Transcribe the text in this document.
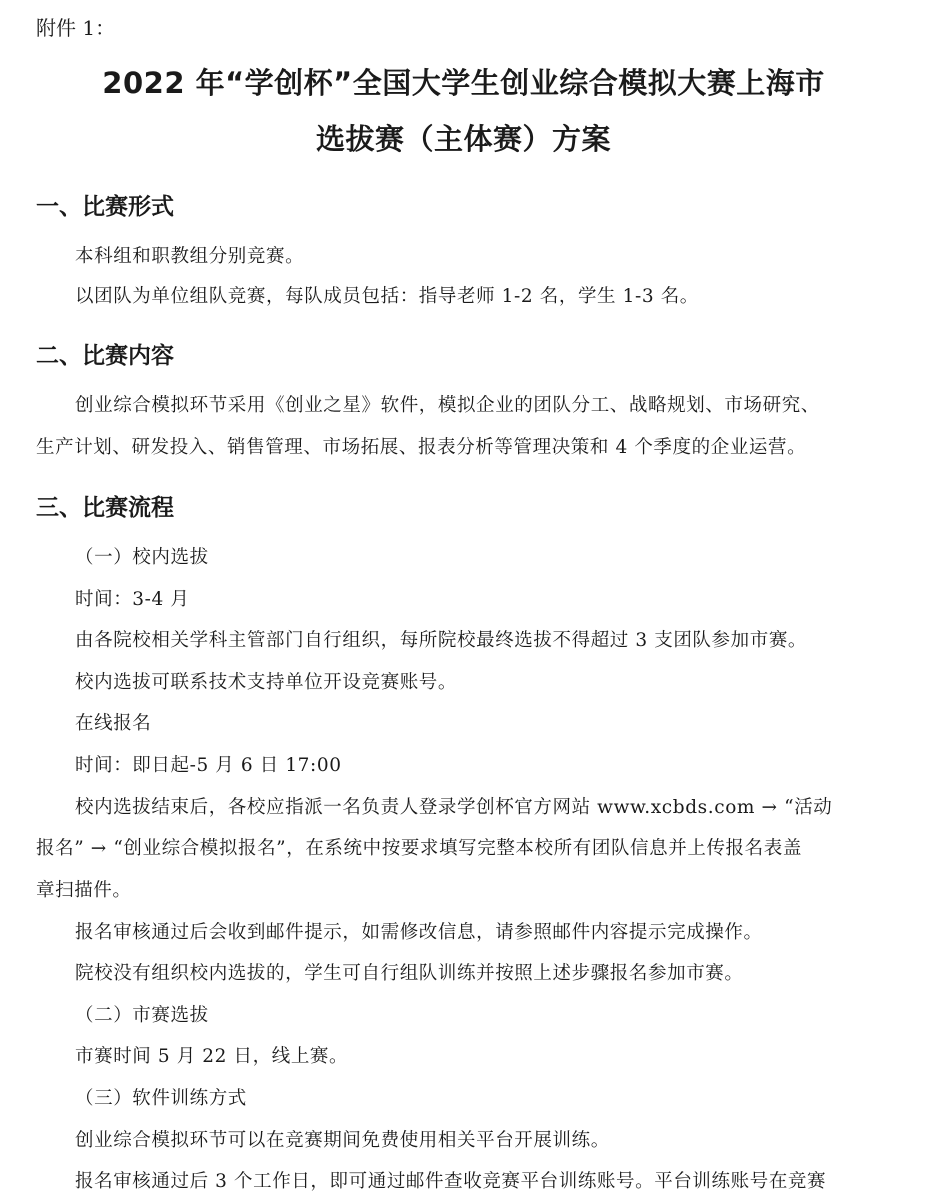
附件 1：
2022 年“学创杯”全国大学生创业综合模拟大赛上海市
选拔赛（主体赛）方案
一、比赛形式
本科组和职教组分别竞赛。
以团队为单位组队竞赛，每队成员包括：指导老师 1-2 名，学生 1-3 名。
二、比赛内容
创业综合模拟环节采用《创业之星》软件，模拟企业的团队分工、战略规划、市场研究、
生产计划、研发投入、销售管理、市场拓展、报表分析等管理决策和 4 个季度的企业运营。
三、比赛流程
（一）校内选拔
时间：3-4 月
由各院校相关学科主管部门自行组织，每所院校最终选拔不得超过 3 支团队参加市赛。
校内选拔可联系技术支持单位开设竞赛账号。
在线报名
时间：即日起-5 月 6 日 17:00
校内选拔结束后，各校应指派一名负责人登录学创杯官方网站 www.xcbds.com → “活动
报名” → “创业综合模拟报名”，在系统中按要求填写完整本校所有团队信息并上传报名表盖
章扫描件。
报名审核通过后会收到邮件提示，如需修改信息，请参照邮件内容提示完成操作。
院校没有组织校内选拔的，学生可自行组队训练并按照上述步骤报名参加市赛。
（二）市赛选拔
市赛时间 5 月 22 日，线上赛。
（三）软件训练方式
创业综合模拟环节可以在竞赛期间免费使用相关平台开展训练。
报名审核通过后 3 个工作日，即可通过邮件查收竞赛平台训练账号。平台训练账号在竞赛
